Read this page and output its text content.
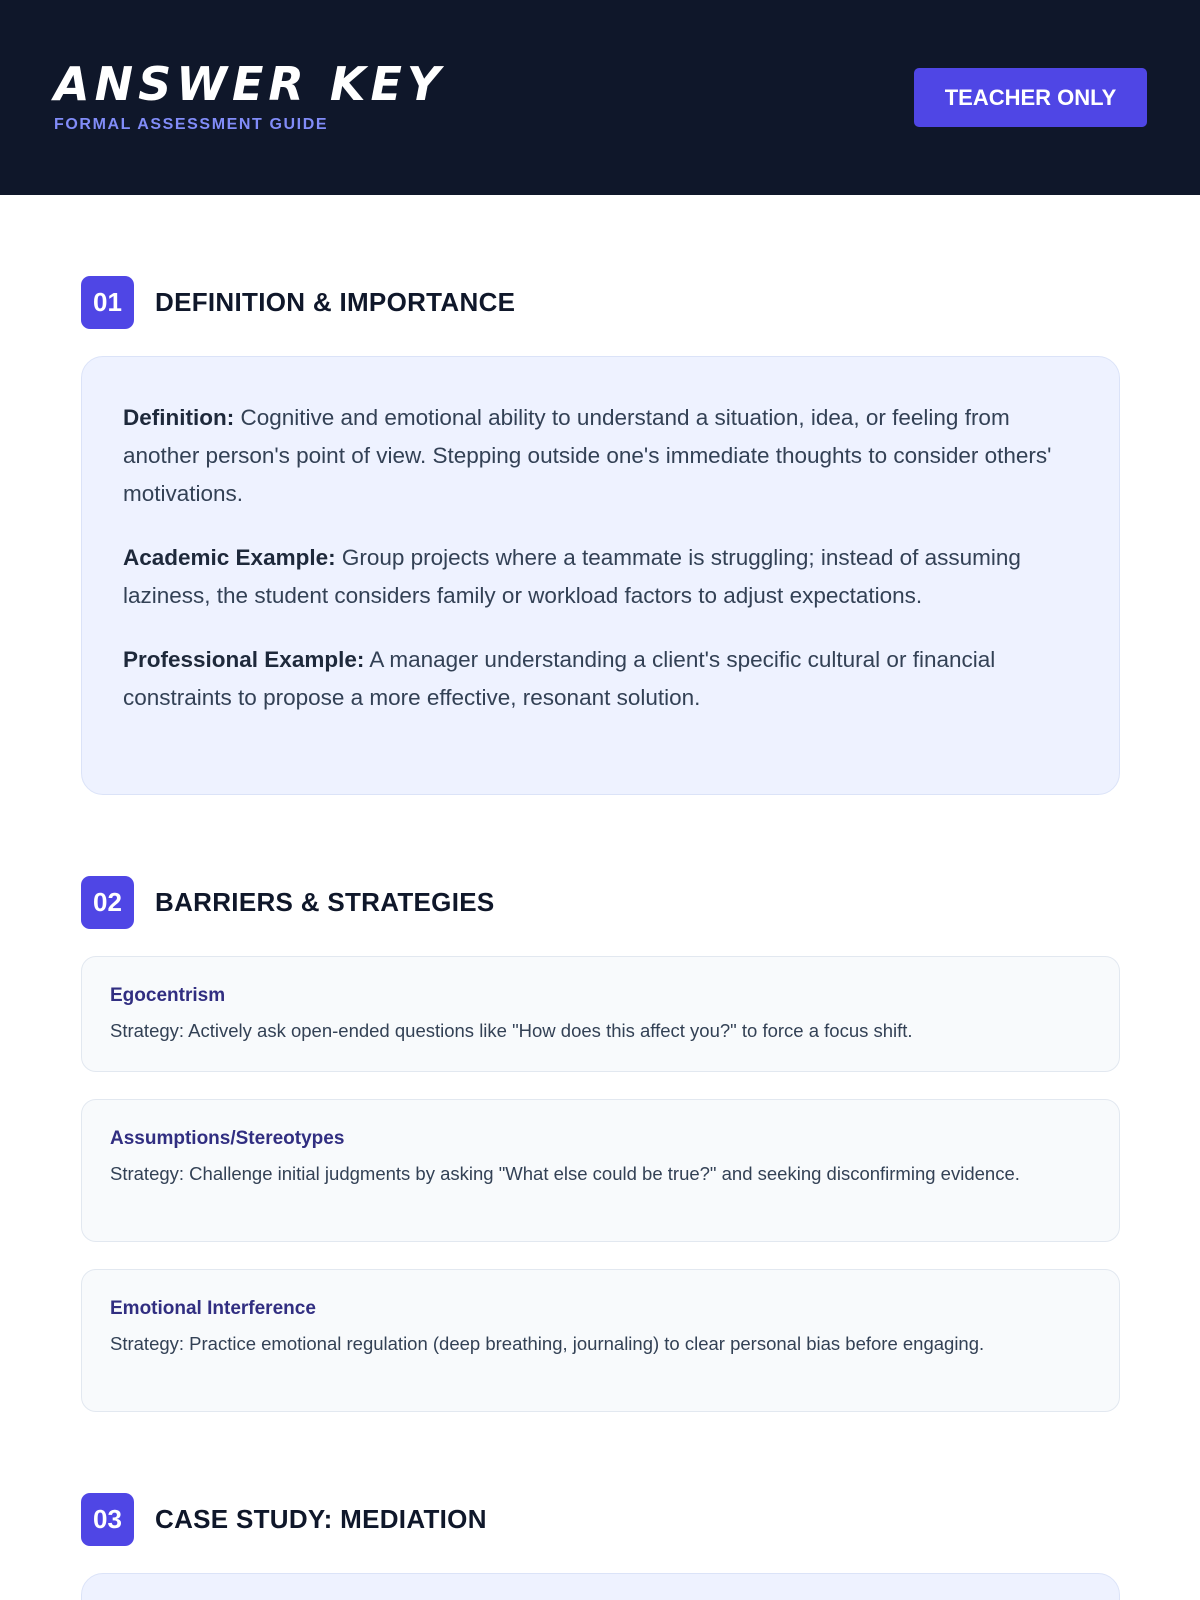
ANSWER KEY
FORMAL ASSESSMENT GUIDE
TEACHER ONLY
01	DEFINITION & IMPORTANCE

Definition: Cognitive and emotional ability to understand a situation, idea, or feeling from another person's point of view. Stepping outside one's immediate thoughts to consider others' motivations.

Academic Example: Group projects where a teammate is struggling; instead of assuming laziness, the student considers family or workload factors to adjust expectations.

Professional Example: A manager understanding a client's specific cultural or financial constraints to propose a more effective, resonant solution.

02	BARRIERS & STRATEGIES
Egocentrism
Strategy: Actively ask open-ended questions like "How does this affect you?" to force a focus shift.
Assumptions/Stereotypes
Strategy: Challenge initial judgments by asking "What else could be true?" and seeking disconfirming evidence.
Emotional Interference
Strategy: Practice emotional regulation (deep breathing, journaling) to clear personal bias before engaging.
03	CASE STUDY: MEDIATION
